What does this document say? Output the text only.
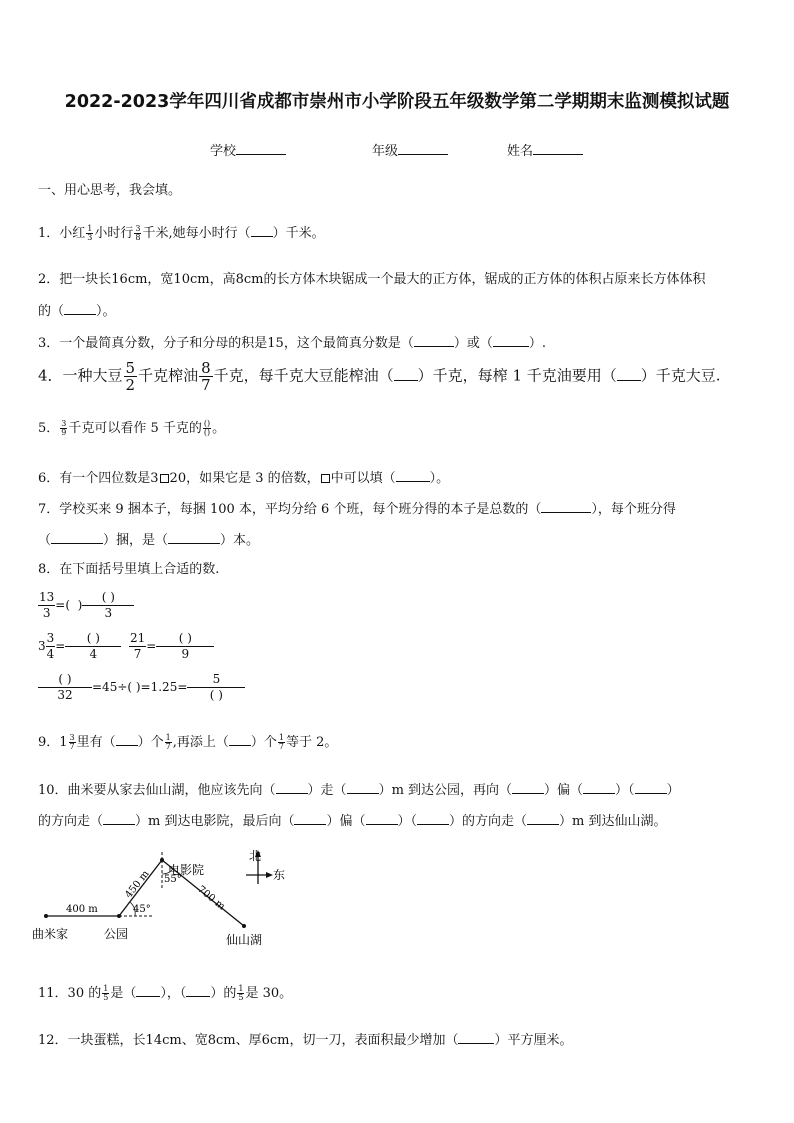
2022-2023学年四川省成都市崇州市小学阶段五年级数学第二学期期末监测模拟试题
学校	年级	姓名
一、用心思考，我会填。
1．小红 $\frac{1}{3}$ 小时行 $\frac{3}{8}$ 千米,她每小时行（ ）千米。
2．把一块长16cm，宽10cm，高8cm的长方体木块锯成一个最大的正方体，锯成的正方体的体积占原来长方体体积
的（ ）。
3．一个最简真分数，分子和分母的积是15，这个最简真分数是（	）或（	）.
4．一种大豆 $\frac{5}{2}$ 千克榨油 $\frac{8}{7}$ 千克，每千克大豆能榨油（ ）千克，每榨 1 千克油要用（ ）千克大豆.
5． $\frac{3}{9}$ 千克可以看作 5 千克的 ()
() 。
6．有一个四位数是3 20，如果它是 3 的倍数， 中可以填（	）。
7．学校买来 9 捆本子，每捆 100 本，平均分给 6 个班，每个班分得的本子是总数的（	），每个班分得
（	）捆，是（	）本。
8．在下面括号里填上合适的数.
$\frac{13}{3}$ =( )
( )
3
$3 \frac{3}{4}$ =
( )
4
	$\frac{21}{7}$ =
( )
9
( )
32
=45÷( )=1.25=
5
( )
9．$1 \frac{3}{7}$ 里有（ ）个 $\frac{1}{7}$ ,再添上（ ）个 $\frac{1}{7}$ 等于 2。
10．曲米要从家去仙山湖，他应该先向（ ）走（ ）m 到达公园，再向（ ）偏（ ）（ ）
的方向走（ ）m 到达电影院，最后向（ ）偏（ ）（ ）的方向走（ ）m 到达仙山湖。
北
东
400 m	45°
450 m 55°
700 m
电影院
曲米家	公园	仙山湖
11．30 的 $\frac{1}{5}$ 是（ ），（ ）的 $\frac{1}{5}$ 是 30。
12．一块蛋糕，长14cm、宽8cm、厚6cm，切一刀，表面积最少增加（	）平方厘米。
